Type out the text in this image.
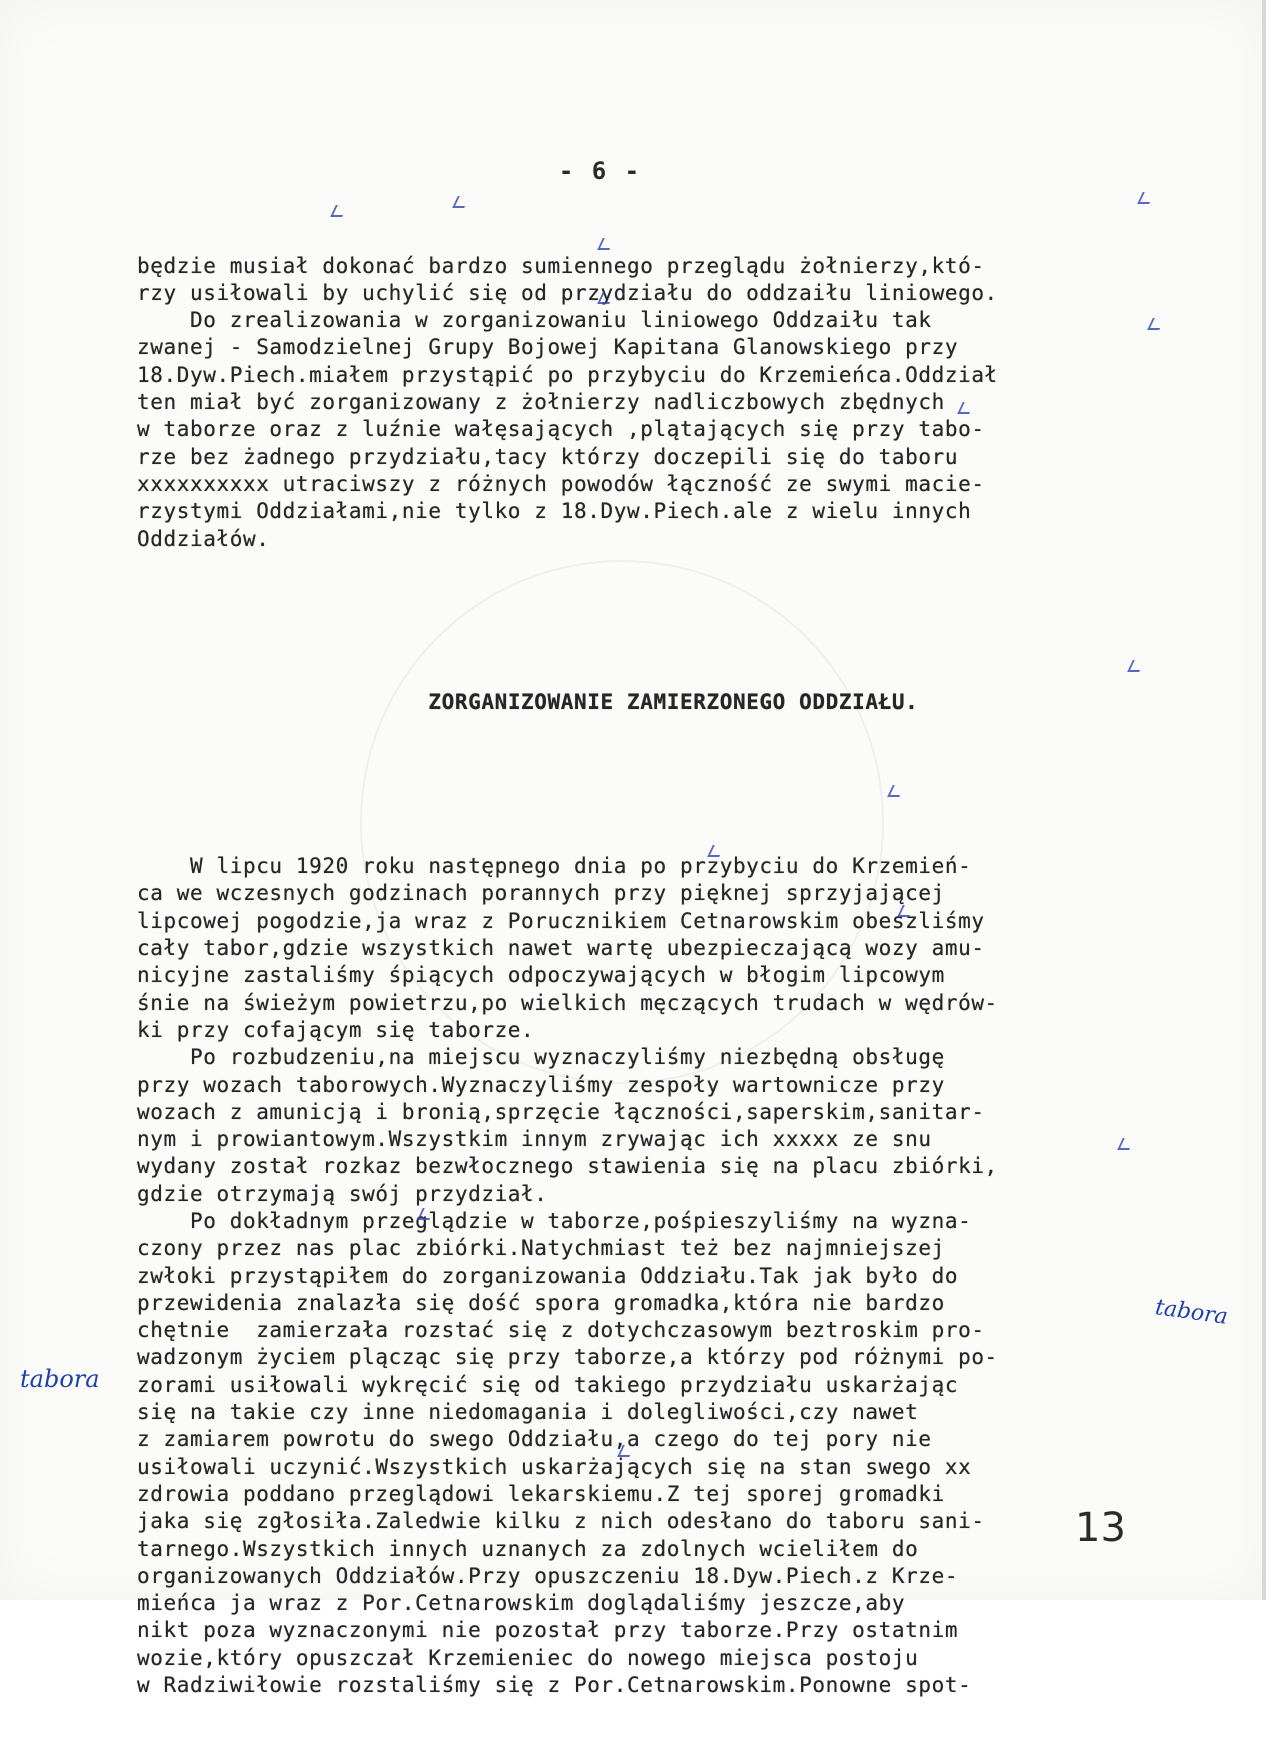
- 6 -

będzie musiał dokonać bardzo sumiennego przeglądu żołnierzy,któ-
rzy usiłowali by uchylić się od przydziału do oddzaiłu liniowego.
Do zrealizowania w zorganizowaniu liniowego Oddzaiłu tak
zwanej - Samodzielnej Grupy Bojowej Kapitana Glanowskiego przy
18.Dyw.Piech.miałem przystąpić po przybyciu do Krzemieńca.Oddział
ten miał być zorganizowany z żołnierzy nadliczbowych zbędnych
w taborze oraz z luźnie wałęsających ,plątających się przy tabo-
rze bez żadnego przydziału,tacy którzy doczepili się do taboru
xxxxxxxxxx utraciwszy z różnych powodów łączność ze swymi macie-
rzystymi Oddziałami,nie tylko z 18.Dyw.Piech.ale z wielu innych
Oddziałów.

ZORGANIZOWANIE ZAMIERZONEGO ODDZIAŁU.

W lipcu 1920 roku następnego dnia po przybyciu do Krzemień-
ca we wczesnych godzinach porannych przy pięknej sprzyjającej
lipcowej pogodzie,ja wraz z Porucznikiem Cetnarowskim obeszliśmy
cały tabor,gdzie wszystkich nawet wartę ubezpieczającą wozy amu-
nicyjne zastaliśmy śpiących odpoczywających w błogim lipcowym
śnie na świeżym powietrzu,po wielkich męczących trudach w wędrów-
ki przy cofającym się taborze.
Po rozbudzeniu,na miejscu wyznaczyliśmy niezbędną obsługę
przy wozach taborowych.Wyznaczyliśmy zespoły wartownicze przy
wozach z amunicją i bronią,sprzęcie łączności,saperskim,sanitar-
nym i prowiantowym.Wszystkim innym zrywając ich xxxxx ze snu
wydany został rozkaz bezwłocznego stawienia się na placu zbiórki,
gdzie otrzymają swój przydział.
Po dokładnym przeglądzie w taborze,pośpieszyliśmy na wyzna-
czony przez nas plac zbiórki.Natychmiast też bez najmniejszej
zwłoki przystąpiłem do zorganizowania Oddziału.Tak jak było do
przewidenia znalazła się dość spora gromadka,która nie bardzo
chętnie  zamierzała rozstać się z dotychczasowym beztroskim pro-
wadzonym życiem plącząc się przy taborze,a którzy pod różnymi po-
zorami usiłowali wykręcić się od takiego przydziału uskarżając
się na takie czy inne niedomagania i dolegliwości,czy nawet
z zamiarem powrotu do swego Oddziału,a czego do tej pory nie
usiłowali uczynić.Wszystkich uskarżających się na stan swego xx
zdrowia poddano przeglądowi lekarskiemu.Z tej sporej gromadki
jaka się zgłosiła.Zaledwie kilku z nich odesłano do taboru sani-
tarnego.Wszystkich innych uznanych za zdolnych wcieliłem do
organizowanych Oddziałów.Przy opuszczeniu 18.Dyw.Piech.z Krze-
mieńca ja wraz z Por.Cetnarowskim doglądaliśmy jeszcze,aby
nikt poza wyznaczonymi nie pozostał przy taborze.Przy ostatnim
wozie,który opuszczał Krzemieniec do nowego miejsca postoju
w Radziwiłowie rozstaliśmy się z Por.Cetnarowskim.Ponowne spot-

tabora
tabora
13
